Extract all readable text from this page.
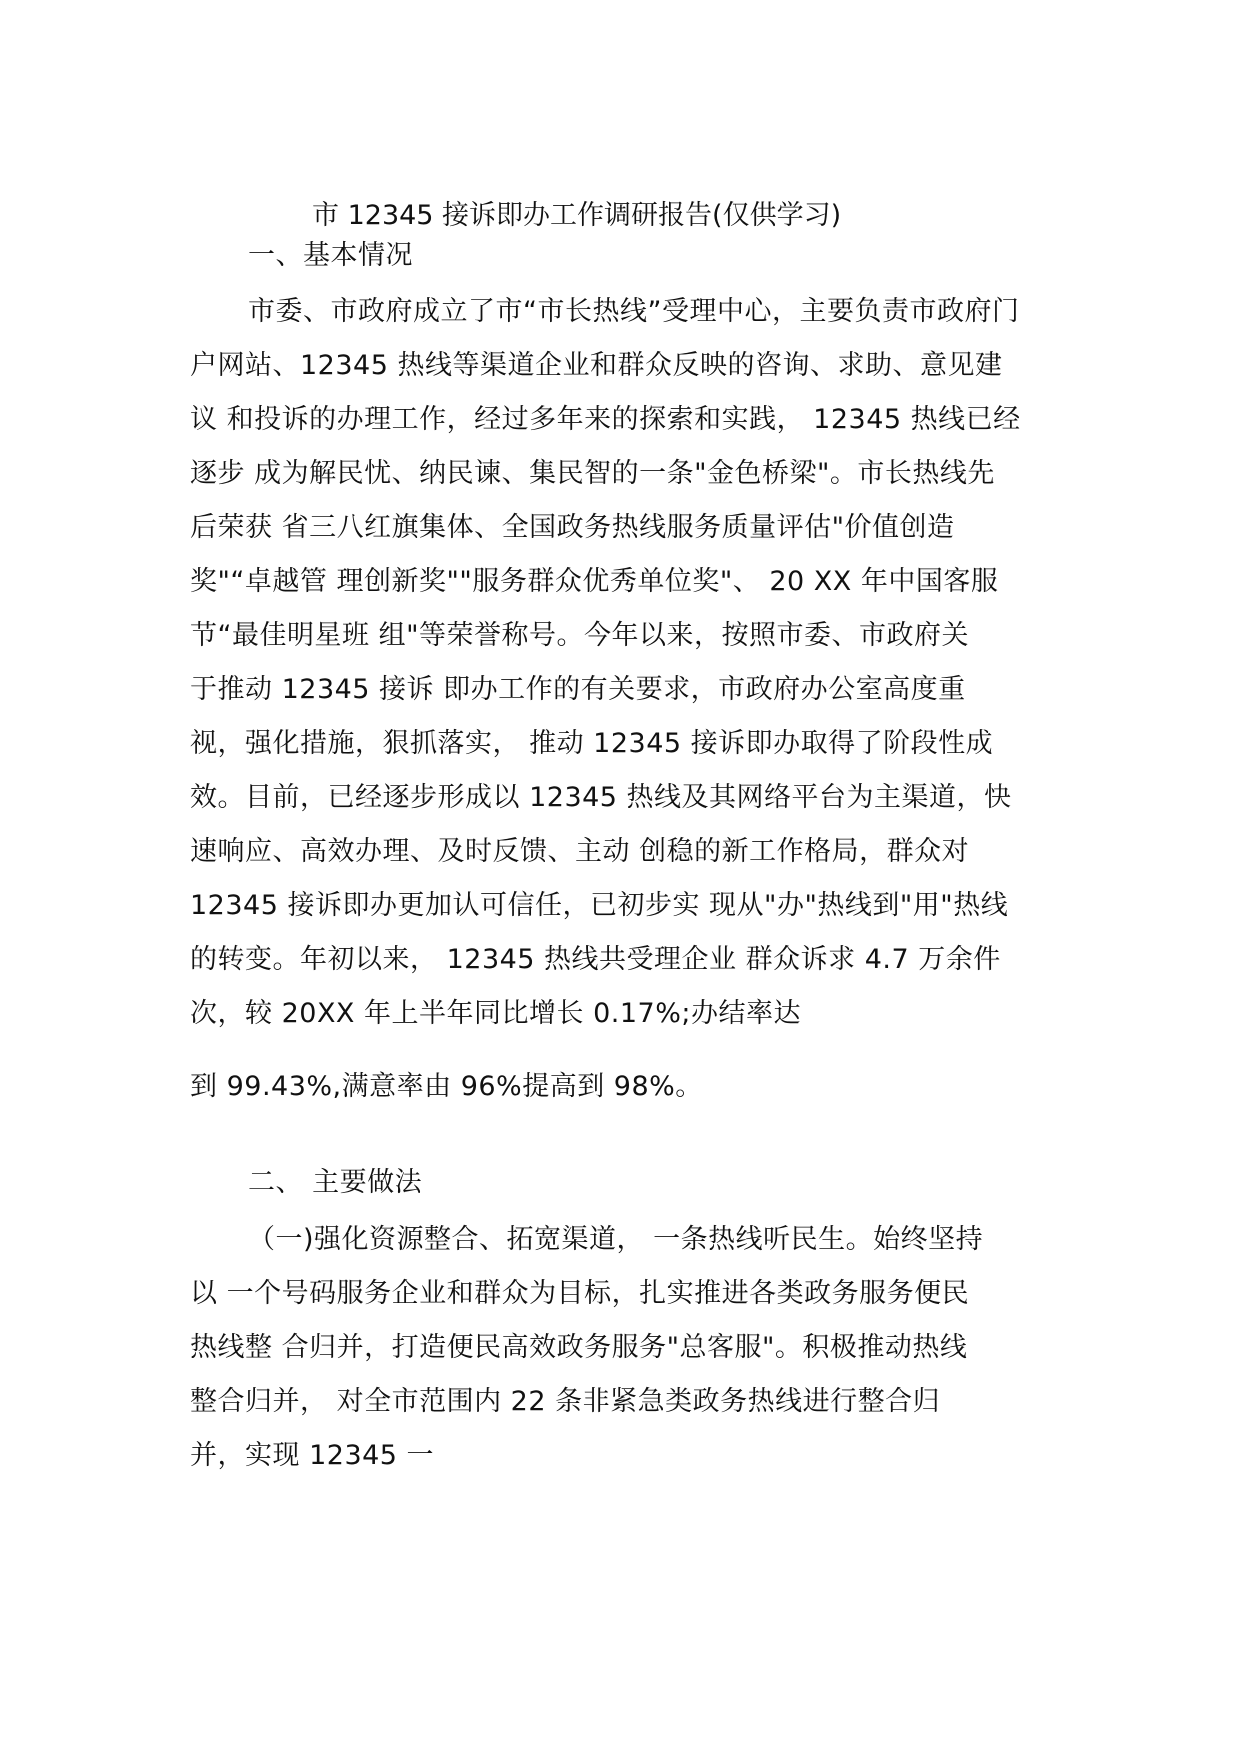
市 12345 接诉即办工作调研报告(仅供学习)
一、基本情况
市委、市政府成立了市“市长热线”受理中心，主要负责市政府门
户网站、12345 热线等渠道企业和群众反映的咨询、求助、意见建
议 和投诉的办理工作，经过多年来的探索和实践， 12345 热线已经
逐步 成为解民忧、纳民谏、集民智的一条"金色桥梁"。市长热线先
后荣获 省三八红旗集体、全国政务热线服务质量评估"价值创造
奖"“卓越管 理创新奖""服务群众优秀单位奖"、 20 XX 年中国客服
节“最佳明星班 组"等荣誉称号。今年以来，按照市委、市政府关
于推动 12345 接诉 即办工作的有关要求，市政府办公室高度重
视，强化措施，狠抓落实， 推动 12345 接诉即办取得了阶段性成
效。目前，已经逐步形成以 12345 热线及其网络平台为主渠道，快
速响应、高效办理、及时反馈、主动 创稳的新工作格局，群众对
12345 接诉即办更加认可信任，已初步实 现从"办"热线到"用"热线
的转变。年初以来， 12345 热线共受理企业 群众诉求 4.7 万余件
次，较 20XX 年上半年同比增长 0.17%;办结率达
到 99.43%,满意率由 96%提高到 98%。
二、 主要做法
（一)强化资源整合、拓宽渠道， 一条热线听民生。始终坚持
以 一个号码服务企业和群众为目标，扎实推进各类政务服务便民
热线整 合归并，打造便民高效政务服务"总客服"。积极推动热线
整合归并， 对全市范围内 22 条非紧急类政务热线进行整合归
并，实现 12345 一
